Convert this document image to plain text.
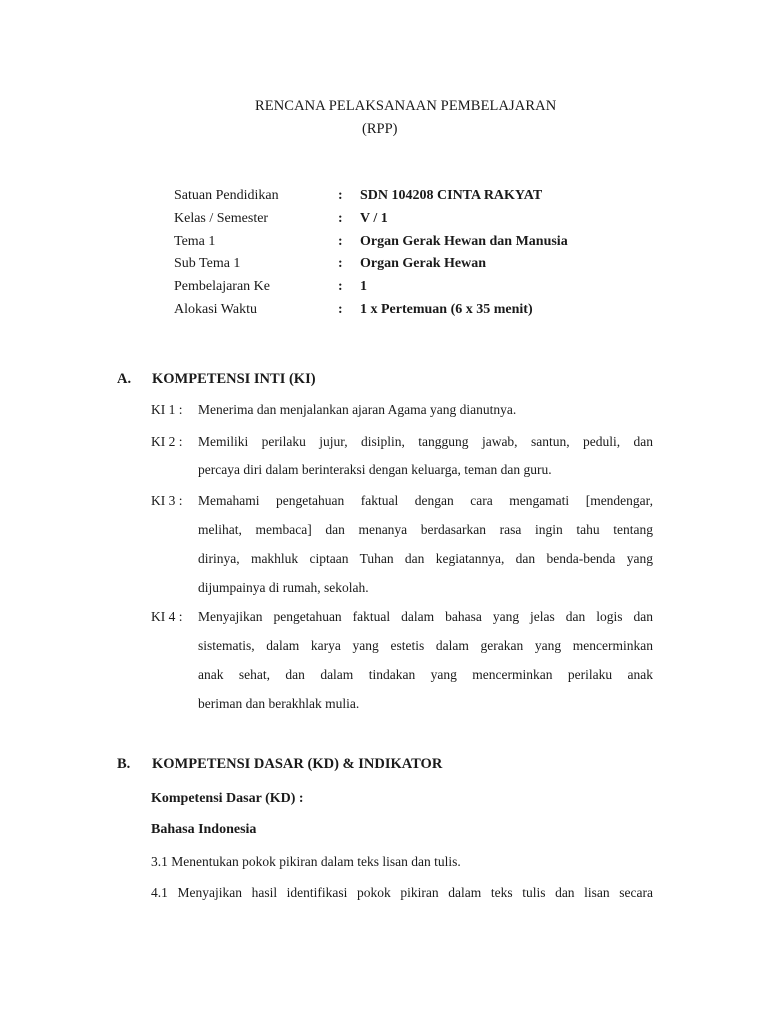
RENCANA PELAKSANAAN PEMBELAJARAN
(RPP)
Satuan Pendidikan	: SDN 104208 CINTA RAKYAT
Kelas / Semester	: V / 1
Tema 1	: Organ Gerak Hewan dan Manusia
Sub Tema 1	: Organ Gerak Hewan
Pembelajaran Ke	: 1
Alokasi Waktu	: 1 x Pertemuan (6 x 35 menit)
A. KOMPETENSI INTI (KI)
KI 1 : Menerima dan menjalankan ajaran Agama yang dianutnya.
KI 2 : Memiliki perilaku jujur, disiplin, tanggung jawab, santun, peduli, dan
percaya diri dalam berinteraksi dengan keluarga, teman dan guru.
KI 3 : Memahami pengetahuan faktual dengan cara mengamati [mendengar,
melihat, membaca] dan menanya berdasarkan rasa ingin tahu tentang
dirinya, makhluk ciptaan Tuhan dan kegiatannya, dan benda-benda yang
dijumpainya di rumah, sekolah.
KI 4 : Menyajikan pengetahuan faktual dalam bahasa yang jelas dan logis dan
sistematis, dalam karya yang estetis dalam gerakan yang mencerminkan
anak sehat, dan dalam tindakan yang mencerminkan perilaku anak
beriman dan berakhlak mulia.
B. KOMPETENSI DASAR (KD) & INDIKATOR
Kompetensi Dasar (KD) :
Bahasa Indonesia
3.1 Menentukan pokok pikiran dalam teks lisan dan tulis.
4.1 Menyajikan hasil identifikasi pokok pikiran dalam teks tulis dan lisan secara
